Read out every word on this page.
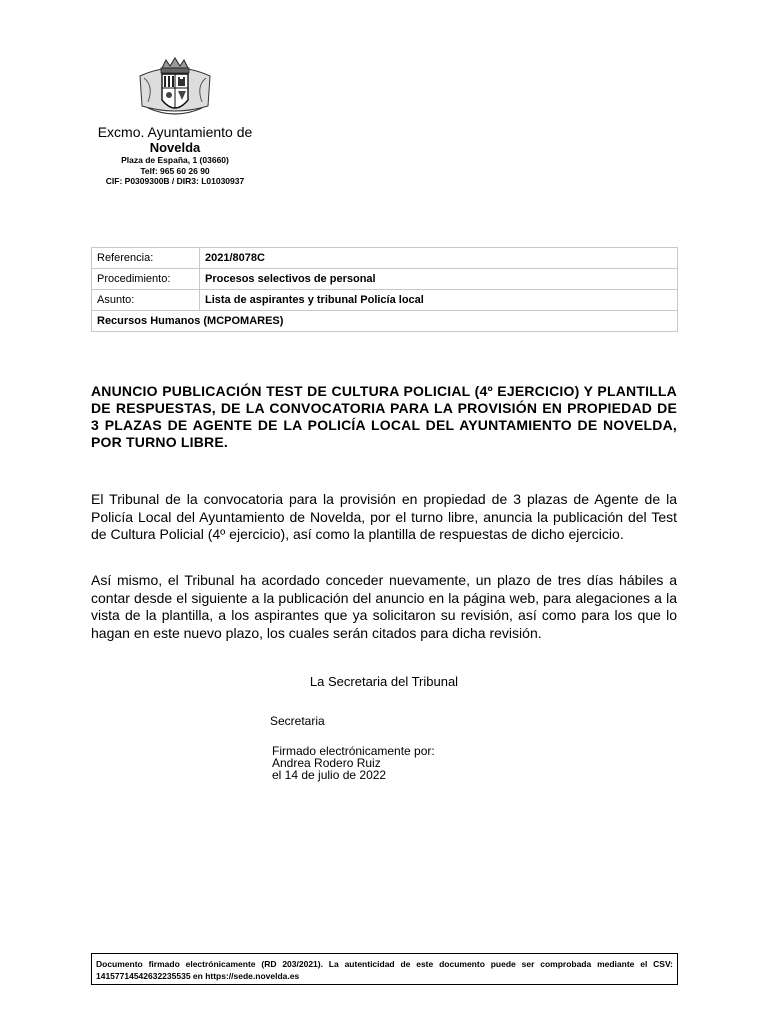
Excmo. Ayuntamiento de
Novelda
Plaza de España, 1 (03660)
Telf: 965 60 26 90
CIF: P0309300B / DIR3: L01030937
Referencia:	2021/8078C
Procedimiento:	Procesos selectivos de personal
Asunto:	Lista de aspirantes y tribunal Policía local
Recursos Humanos (MCPOMARES)	
ANUNCIO PUBLICACIÓN TEST DE CULTURA POLICIAL (4º EJERCICIO) Y PLANTILLA DE RESPUESTAS, DE LA CONVOCATORIA PARA LA PROVISIÓN EN PROPIEDAD DE 3 PLAZAS DE AGENTE DE LA POLICÍA LOCAL DEL AYUNTAMIENTO DE NOVELDA, POR TURNO LIBRE.

El Tribunal de la convocatoria para la provisión en propiedad de 3 plazas de Agente de la Policía Local del Ayuntamiento de Novelda, por el turno libre, anuncia la publicación del Test de Cultura Policial (4º ejercicio), así como la plantilla de respuestas de dicho ejercicio.

Así mismo, el Tribunal ha acordado conceder nuevamente, un plazo de tres días hábiles a contar desde el siguiente a la publicación del anuncio en la página web, para alegaciones a la vista de la plantilla, a los aspirantes que ya solicitaron su revisión, así como para los que lo hagan en este nuevo plazo, los cuales serán citados para dicha revisión.

La Secretaria del Tribunal
Secretaria
Firmado electrónicamente por:
Andrea Rodero Ruiz
el 14 de julio de 2022
Documento firmado electrónicamente (RD 203/2021). La autenticidad de este documento puede ser comprobada mediante el CSV: 14157714542632235535 en https://sede.novelda.es
